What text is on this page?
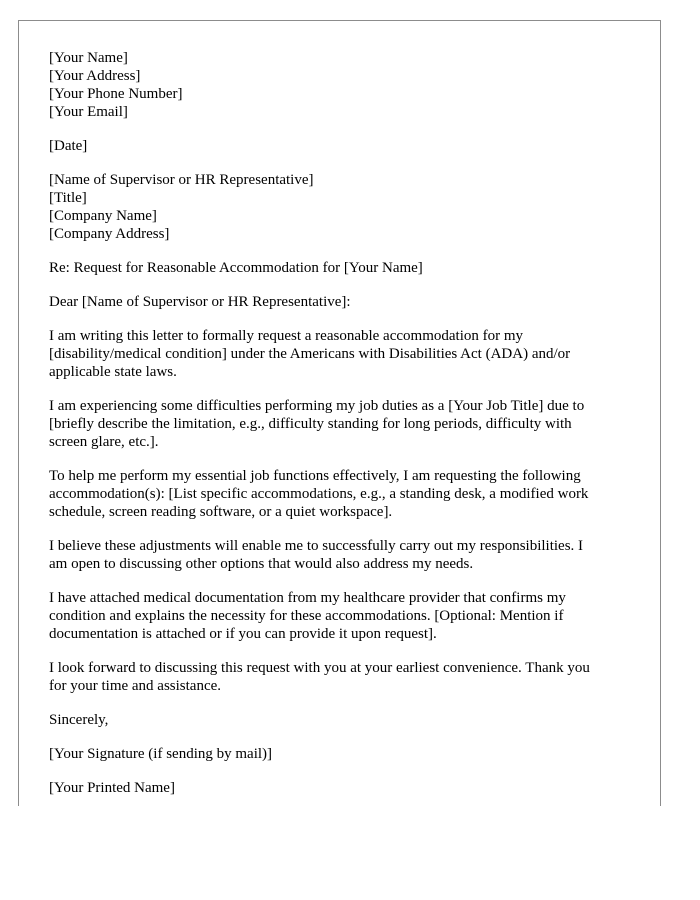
[Your Name]
[Your Address]
[Your Phone Number]
[Your Email]
[Date]
[Name of Supervisor or HR Representative]
[Title]
[Company Name]
[Company Address]

Re: Request for Reasonable Accommodation for [Your Name]

Dear [Name of Supervisor or HR Representative]:

I am writing this letter to formally request a reasonable accommodation for my
[disability/medical condition] under the Americans with Disabilities Act (ADA) and/or
applicable state laws.

I am experiencing some difficulties performing my job duties as a [Your Job Title] due to
[briefly describe the limitation, e.g., difficulty standing for long periods, difficulty with
screen glare, etc.].

To help me perform my essential job functions effectively, I am requesting the following
accommodation(s): [List specific accommodations, e.g., a standing desk, a modified work
schedule, screen reading software, or a quiet workspace].

I believe these adjustments will enable me to successfully carry out my responsibilities. I
am open to discussing other options that would also address my needs.

I have attached medical documentation from my healthcare provider that confirms my
condition and explains the necessity for these accommodations. [Optional: Mention if
documentation is attached or if you can provide it upon request].

I look forward to discussing this request with you at your earliest convenience. Thank you
for your time and assistance.

Sincerely,

[Your Signature (if sending by mail)]

[Your Printed Name]
